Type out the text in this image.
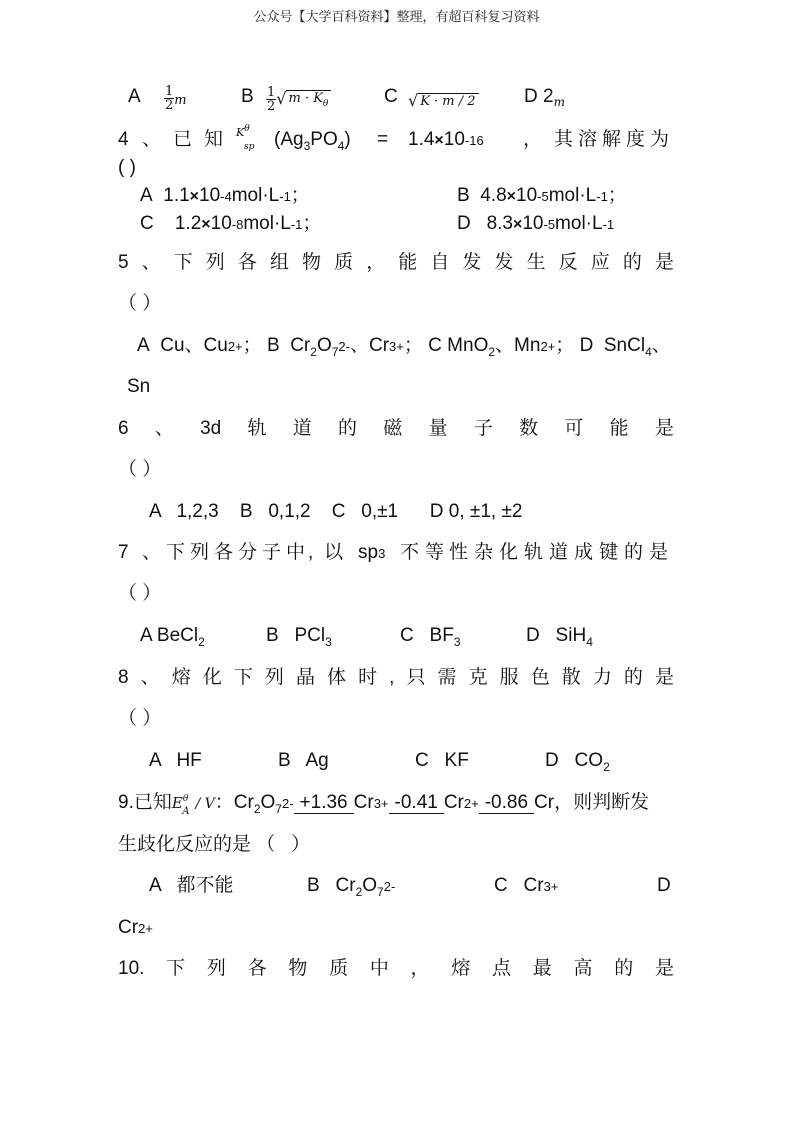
公众号【大学百科资料】整理，有超百科复习资料
A $\frac{1}{2}$ m	B $\frac{1}{2}$ √ $m \cdot K_\theta$	C √ K · m / 2	D $2_m$
4 、 已 知 $K^\theta$
sp $(Ag_3PO_4) = 1.4\times 10-16$ ， 其 溶 解 度 为
( )
A 1.1×10-4mol·L-1；	B 4.8×10-5mol·L-1；
C 1.2×10-8mol·L-1；	D 8.3×10-5mol·L-1
5 、 下 列 各 组 物 质 ， 能 自 发 发 生 反 应 的 是
（ ）
A Cu、Cu2+； B $Cr_2O_72-$、Cr3+； C MnO$_2$、Mn2+； D SnCl$_4$、
Sn
6 、 3d 轨 道 的 磁 量 子 数 可 能 是
（ ）
A   1,2,3    B   0,1,2    C   0,±1      D 0, ±1, ±2
7 、 下 列 各 分 子 中 , 以 sp3 不 等 性 杂 化 轨 道 成 键 的 是
（ ）
A BeCl$_2$	B   PCl$_3$	C   $BF_3$	D   SiH$_4$
8 、 熔 化 下 列 晶 体 时 , 只 需 克 服 色 散 力 的 是
（ ）
A   HF	B   Ag	C   KF	D   $CO_2$
9.已知$E^\theta_A$ / V：$Cr_2O_72- +1.36$ Cr3+ -0.41 Cr2+ -0.86 Cr，则判断发
生歧化反应的是 （   ）
A   都不能	B   $Cr_2O_72-$	C   Cr3+	D
Cr2+
10. 下 列 各 物 质 中 ， 熔 点 最 高 的 是
